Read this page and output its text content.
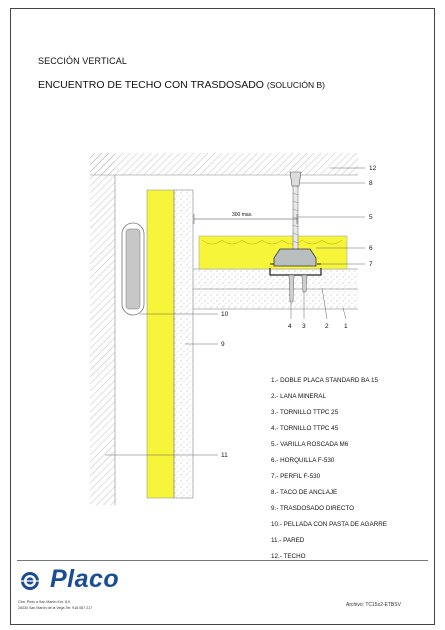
SECCIÓN VERTICAL
ENCUENTRO DE TECHO CON TRASDOSADO (SOLUCIÓN B)
12
8
5
6
7
4 3	2 1
10
9
11
300 max.
1.- DOBLE PLACA STANDARD BA 15
2.- LANA MINERAL
3.- TORNILLO TTPC 25
4.- TORNILLO TTPC 45
5.- VARILLA ROSCADA M6
6.- HORQUILLA F-530
7.- PERFIL F-530
8.- TACO DE ANCLAJE
9.- TRASDOSADO DIRECTO
10.- PELLADA CON PASTA DE AGARRE
11.- PARED
12.- TECHO
Placo
Ctra. Pinto a San Martín Km. 8,9
28330 San Martín de la Vega Tel: 918 087 217	Archivo: TC15x2-ETBSV
